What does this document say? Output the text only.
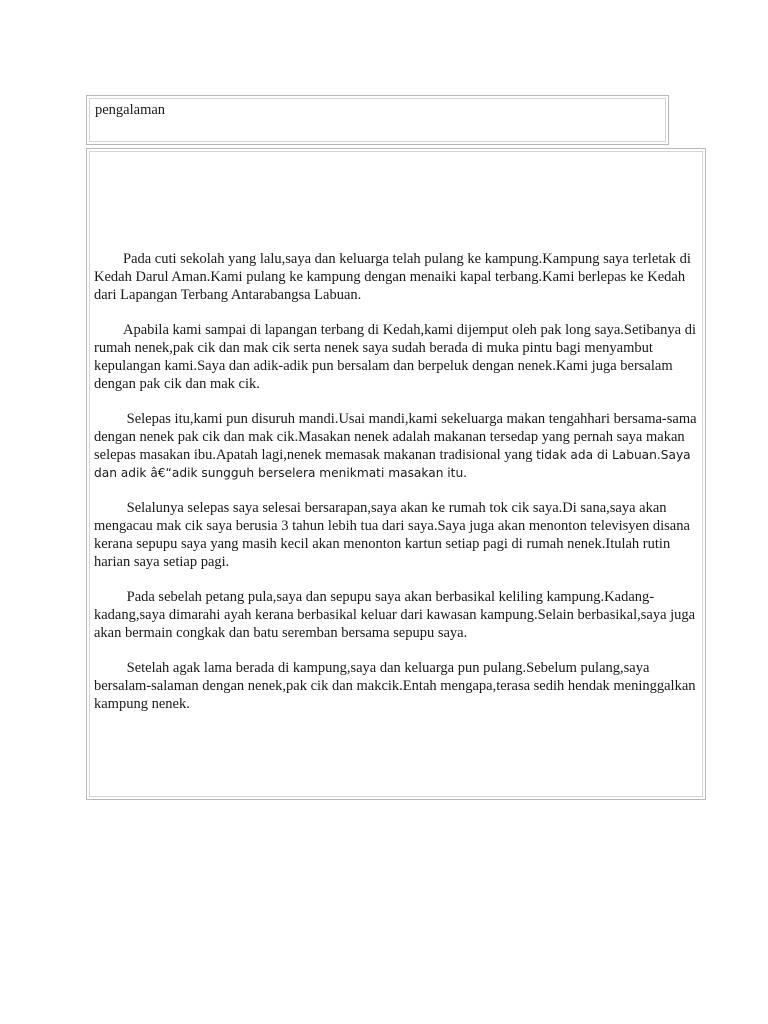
pengalaman

Pada cuti sekolah yang lalu,saya dan keluarga telah pulang ke kampung.Kampung saya terletak di Kedah Darul Aman.Kami pulang ke kampung dengan menaiki kapal terbang.Kami berlepas ke Kedah dari Lapangan Terbang Antarabangsa Labuan.

Apabila kami sampai di lapangan terbang di Kedah,kami dijemput oleh pak long saya.Setibanya di rumah nenek,pak cik dan mak cik serta nenek saya sudah berada di muka pintu bagi menyambut kepulangan kami.Saya dan adik-adik pun bersalam dan berpeluk dengan nenek.Kami juga bersalam dengan pak cik dan mak cik.

Selepas itu,kami pun disuruh mandi.Usai mandi,kami sekeluarga makan tengahhari bersama-sama dengan nenek pak cik dan mak cik.Masakan nenek adalah makanan tersedap yang pernah saya makan selepas masakan ibu.Apatah lagi,nenek memasak makanan tradisional yang tidak ada di Labuan.Saya dan adik â€“adik sungguh berselera menikmati masakan itu.

Selalunya selepas saya selesai bersarapan,saya akan ke rumah tok cik saya.Di sana,saya akan mengacau mak cik saya berusia 3 tahun lebih tua dari saya.Saya juga akan menonton televisyen disana kerana sepupu saya yang masih kecil akan menonton kartun setiap pagi di rumah nenek.Itulah rutin harian saya setiap pagi.

Pada sebelah petang pula,saya dan sepupu saya akan berbasikal keliling kampung.Kadang-kadang,saya dimarahi ayah kerana berbasikal keluar dari kawasan kampung.Selain berbasikal,saya juga akan bermain congkak dan batu seremban bersama sepupu saya.

Setelah agak lama berada di kampung,saya dan keluarga pun pulang.Sebelum pulang,saya bersalam-salaman dengan nenek,pak cik dan makcik.Entah mengapa,terasa sedih hendak meninggalkan kampung nenek.
